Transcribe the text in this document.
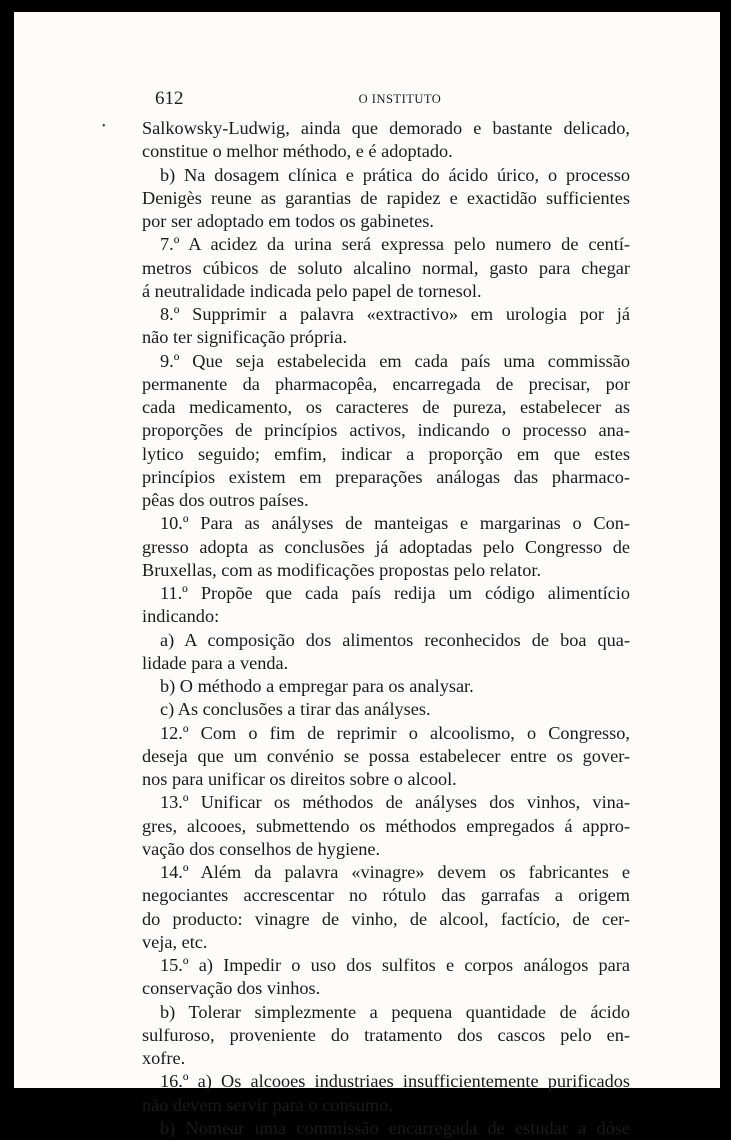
612	O INSTITUTO
• Salkowsky-Ludwig, ainda que demorado e bastante delicado,
constitue o melhor méthodo, e é adoptado.
b) Na dosagem clínica e prática do ácido úrico, o processo
Denigès reune as garantias de rapidez e exactidão sufficientes
por ser adoptado em todos os gabinetes.
7.º A acidez da urina será expressa pelo numero de centí-
metros cúbicos de soluto alcalino normal, gasto para chegar
á neutralidade indicada pelo papel de tornesol.
8.º Supprimir a palavra «extractivo» em urologia por já
não ter significação própria.
9.º Que seja estabelecida em cada país uma commissão
permanente da pharmacopêa, encarregada de precisar, por
cada medicamento, os caracteres de pureza, estabelecer as
proporções de princípios activos, indicando o processo ana-
lytico seguido; emfim, indicar a proporção em que estes
princípios existem em preparações análogas das pharmaco-
pêas dos outros países.
10.º Para as anályses de manteigas e margarinas o Con-
gresso adopta as conclusões já adoptadas pelo Congresso de
Bruxellas, com as modificações propostas pelo relator.
11.º Propõe que cada país redija um código alimentício
indicando:
a) A composição dos alimentos reconhecidos de boa qua-
lidade para a venda.
b) O méthodo a empregar para os analysar.
c) As conclusões a tirar das anályses.
12.º Com o fim de reprimir o alcoolismo, o Congresso,
deseja que um convénio se possa estabelecer entre os gover-
nos para unificar os direitos sobre o alcool.
13.º Unificar os méthodos de anályses dos vinhos, vina-
gres, alcooes, submettendo os méthodos empregados á appro-
vação dos conselhos de hygiene.
14.º Além da palavra «vinagre» devem os fabricantes e
negociantes accrescentar no rótulo das garrafas a origem
do producto: vinagre de vinho, de alcool, factício, de cer-
veja, etc.
15.º a) Impedir o uso dos sulfitos e corpos análogos para
conservação dos vinhos.
b) Tolerar simplezmente a pequena quantidade de ácido
sulfuroso, proveniente do tratamento dos cascos pelo en-
xofre.
16.º a) Os alcooes industriaes insufficientemente purificados
não devem servir para o consumo.
b) Nomear uma commissão encarregada de estudar a dóse
